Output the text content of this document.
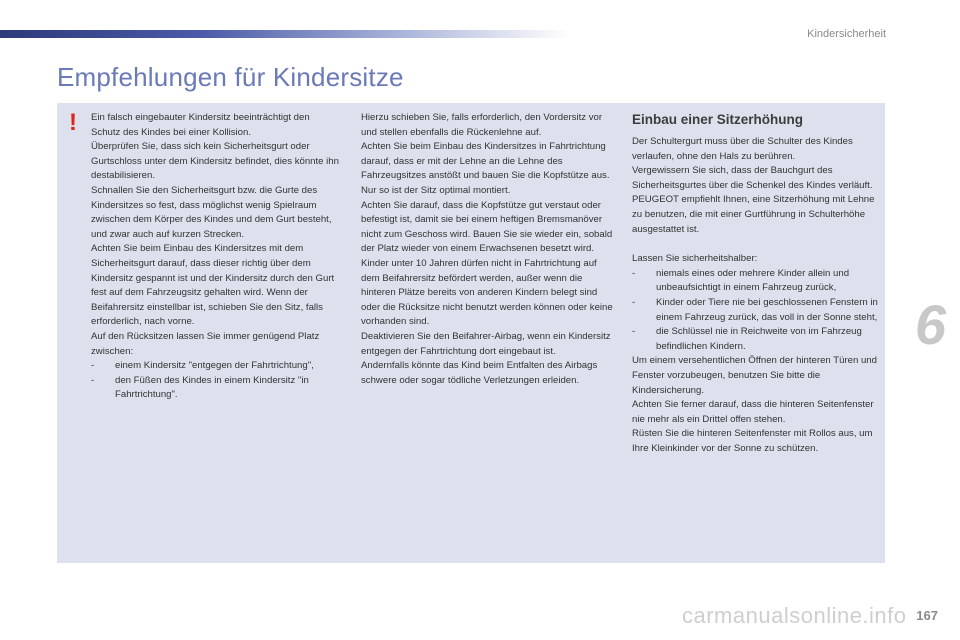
Kindersicherheit
Empfehlungen für Kindersitze
! Ein falsch eingebauter Kindersitz beeinträchtigt den Schutz des Kindes bei einer Kollision.

Überprüfen Sie, dass sich kein Sicherheitsgurt oder Gurtschloss unter dem Kindersitz befindet, dies könnte ihn destabilisieren.

Schnallen Sie den Sicherheitsgurt bzw. die Gurte des Kindersitzes so fest, dass möglichst wenig Spielraum zwischen dem Körper des Kindes und dem Gurt besteht, und zwar auch auf kurzen Strecken.

Achten Sie beim Einbau des Kindersitzes mit dem Sicherheitsgurt darauf, dass dieser richtig über dem Kindersitz gespannt ist und der Kindersitz durch den Gurt fest auf dem Fahrzeugsitz gehalten wird. Wenn der Beifahrersitz einstellbar ist, schieben Sie den Sitz, falls erforderlich, nach vorne.

Auf den Rücksitzen lassen Sie immer genügend Platz zwischen:

- einem Kindersitz "entgegen der Fahrtrichtung",
- den Füßen des Kindes in einem Kindersitz "in Fahrtrichtung".

Hierzu schieben Sie, falls erforderlich, den Vordersitz vor und stellen ebenfalls die Rückenlehne auf.

Achten Sie beim Einbau des Kindersitzes in Fahrtrichtung darauf, dass er mit der Lehne an die Lehne des Fahrzeugsitzes anstößt und bauen Sie die Kopfstütze aus. Nur so ist der Sitz optimal montiert.

Achten Sie darauf, dass die Kopfstütze gut verstaut oder befestigt ist, damit sie bei einem heftigen Bremsmanöver nicht zum Geschoss wird. Bauen Sie sie wieder ein, sobald der Platz wieder von einem Erwachsenen besetzt wird.

Kinder unter 10 Jahren dürfen nicht in Fahrtrichtung auf dem Beifahrersitz befördert werden, außer wenn die hinteren Plätze bereits von anderen Kindern belegt sind oder die Rücksitze nicht benutzt werden können oder keine vorhanden sind.

Deaktivieren Sie den Beifahrer-Airbag, wenn ein Kindersitz entgegen der Fahrtrichtung dort eingebaut ist.

Andernfalls könnte das Kind beim Entfalten des Airbags schwere oder sogar tödliche Verletzungen erleiden.

Einbau einer Sitzerhöhung

Der Schultergurt muss über die Schulter des Kindes verlaufen, ohne den Hals zu berühren.

Vergewissern Sie sich, dass der Bauchgurt des Sicherheitsgurtes über die Schenkel des Kindes verläuft.

PEUGEOT empfiehlt Ihnen, eine Sitzerhöhung mit Lehne zu benutzen, die mit einer Gurtführung in Schulterhöhe ausgestattet ist.

Lassen Sie sicherheitshalber:

- niemals eines oder mehrere Kinder allein und unbeaufsichtigt in einem Fahrzeug zurück,
- Kinder oder Tiere nie bei geschlossenen Fenstern in einem Fahrzeug zurück, das voll in der Sonne steht,
- die Schlüssel nie in Reichweite von im Fahrzeug befindlichen Kindern.

Um einem versehentlichen Öffnen der hinteren Türen und Fenster vorzubeugen, benutzen Sie bitte die Kindersicherung.

Achten Sie ferner darauf, dass die hinteren Seitenfenster nie mehr als ein Drittel offen stehen.

Rüsten Sie die hinteren Seitenfenster mit Rollos aus, um Ihre Kleinkinder vor der Sonne zu schützen.

6
carmanualsonline.info 167
